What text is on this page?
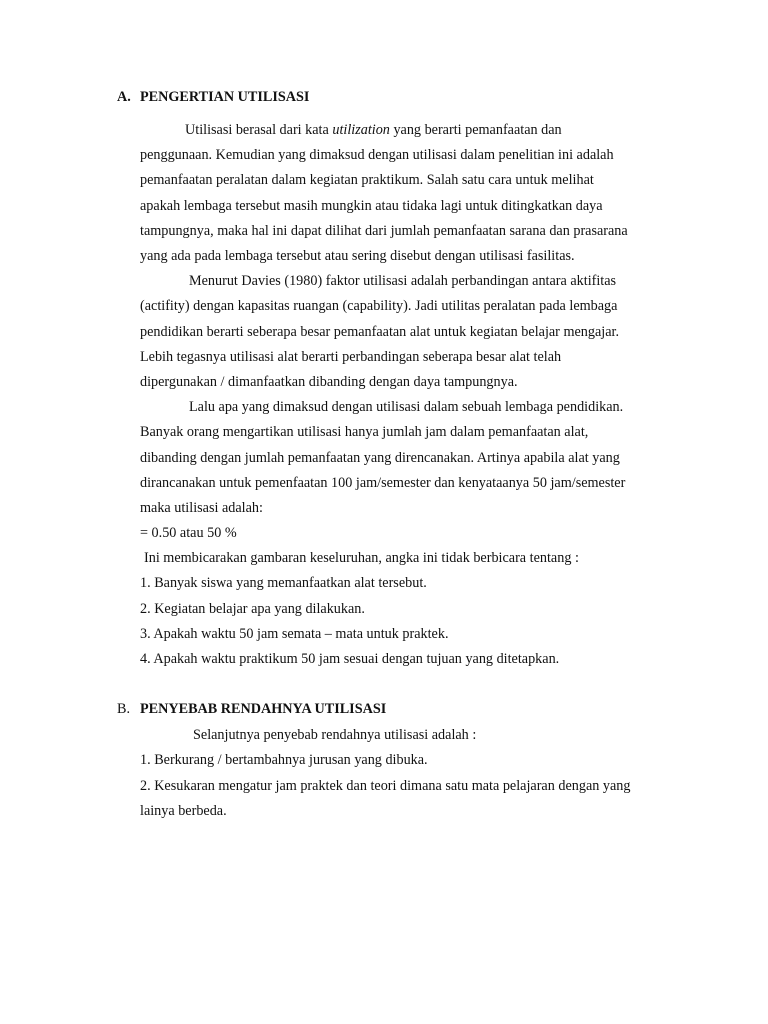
A. PENGERTIAN UTILISASI
Utilisasi berasal dari kata utilization yang berarti pemanfaatan dan
penggunaan. Kemudian yang dimaksud dengan utilisasi dalam penelitian ini adalah
pemanfaatan peralatan dalam kegiatan praktikum. Salah satu cara untuk melihat
apakah lembaga tersebut masih mungkin atau tidaka lagi untuk ditingkatkan daya
tampungnya, maka hal ini dapat dilihat dari jumlah pemanfaatan sarana dan prasarana
yang ada pada lembaga tersebut atau sering disebut dengan utilisasi fasilitas.
Menurut Davies (1980) faktor utilisasi adalah perbandingan antara aktifitas
(actifity) dengan kapasitas ruangan (capability). Jadi utilitas peralatan pada lembaga
pendidikan berarti seberapa besar pemanfaatan alat untuk kegiatan belajar mengajar.
Lebih tegasnya utilisasi alat berarti perbandingan seberapa besar alat telah
dipergunakan / dimanfaatkan dibanding dengan daya tampungnya.
Lalu apa yang dimaksud dengan utilisasi dalam sebuah lembaga pendidikan.
Banyak orang mengartikan utilisasi hanya jumlah jam dalam pemanfaatan alat,
dibanding dengan jumlah pemanfaatan yang direncanakan. Artinya apabila alat yang
dirancanakan untuk pemenfaatan 100 jam/semester dan kenyataanya 50 jam/semester
maka utilisasi adalah:
= 0.50 atau 50 %
Ini membicarakan gambaran keseluruhan, angka ini tidak berbicara tentang :
1. Banyak siswa yang memanfaatkan alat tersebut.
2. Kegiatan belajar apa yang dilakukan.
3. Apakah waktu 50 jam semata – mata untuk praktek.
4. Apakah waktu praktikum 50 jam sesuai dengan tujuan yang ditetapkan.
B. PENYEBAB RENDAHNYA UTILISASI
Selanjutnya penyebab rendahnya utilisasi adalah :
1. Berkurang / bertambahnya jurusan yang dibuka.
2. Kesukaran mengatur jam praktek dan teori dimana satu mata pelajaran dengan yang
lainya berbeda.
